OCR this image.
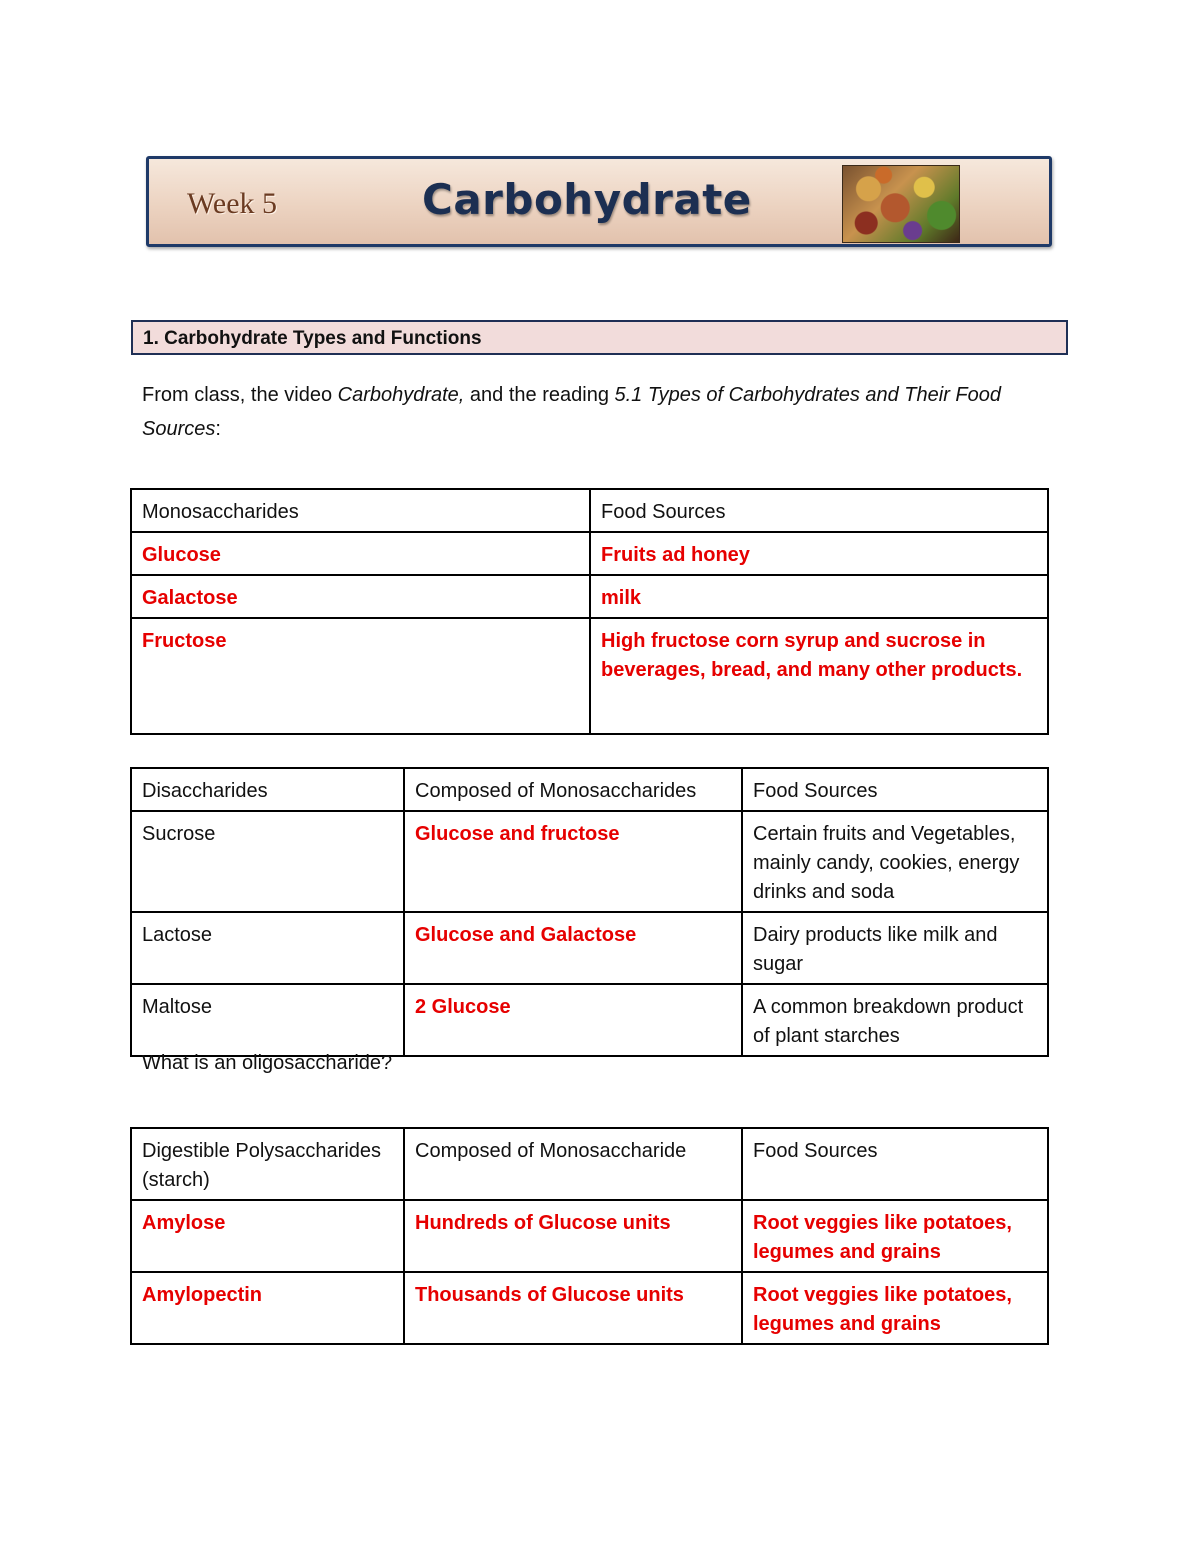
Week 5	Carbohydrate
1. Carbohydrate Types and Functions
From class, the video Carbohydrate, and the reading 5.1 Types of Carbohydrates and Their Food Sources:
Monosaccharides	Food Sources
Glucose	Fruits ad honey
Galactose	milk
Fructose	High fructose corn syrup and sucrose in beverages, bread, and many other products.
Disaccharides	Composed of Monosaccharides	Food Sources
Sucrose	Glucose and fructose	Certain fruits and Vegetables, mainly candy, cookies, energy drinks and soda
Lactose	Glucose and Galactose	Dairy products like milk and sugar
Maltose	2 Glucose	A common breakdown product of plant starches
What is an oligosaccharide?
Digestible Polysaccharides (starch)	Composed of Monosaccharide	Food Sources
Amylose	Hundreds of Glucose units	Root veggies like potatoes, legumes and grains
Amylopectin	Thousands of Glucose units	Root veggies like potatoes, legumes and grains
